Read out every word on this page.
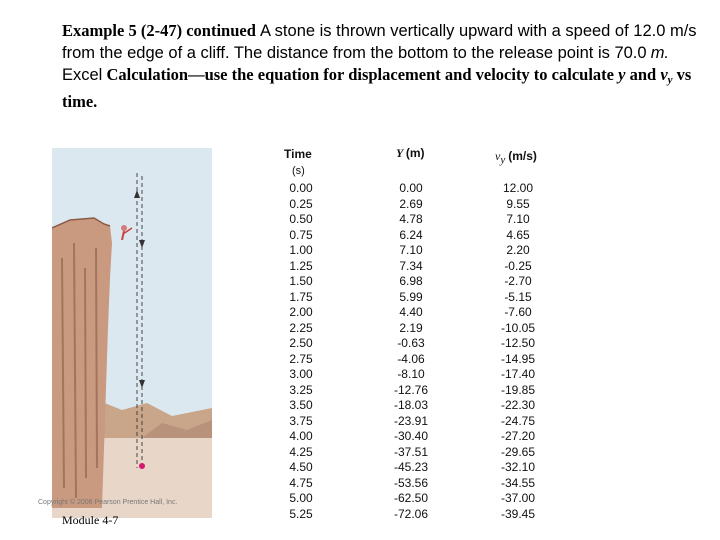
Example 5 (2-47) continued A stone is thrown vertically upward with a speed of 12.0 m/s from the edge of a cliff. The distance from the bottom to the release point is 70.0 m. Excel Calculation—use the equation for displacement and velocity to calculate y and $v_y$ vs time.
Copyright © 2006 Pearson Prentice Hall, Inc.
Module 4-7
Time
(s)
Y (m)	vy (m/s)
0.00
0.25
0.50
0.75
1.00
1.25
1.50
1.75
2.00
2.25
2.50
2.75
3.00
3.25
3.50
3.75
4.00
4.25
4.50
4.75
5.00
5.25
0.00
2.69
4.78
6.24
7.10
7.34
6.98
5.99
4.40
2.19
-0.63
-4.06
-8.10
-12.76
-18.03
-23.91
-30.40
-37.51
-45.23
-53.56
-62.50
-72.06
12.00
9.55
7.10
4.65
2.20
-0.25
-2.70
-5.15
-7.60
-10.05
-12.50
-14.95
-17.40
-19.85
-22.30
-24.75
-27.20
-29.65
-32.10
-34.55
-37.00
-39.45
